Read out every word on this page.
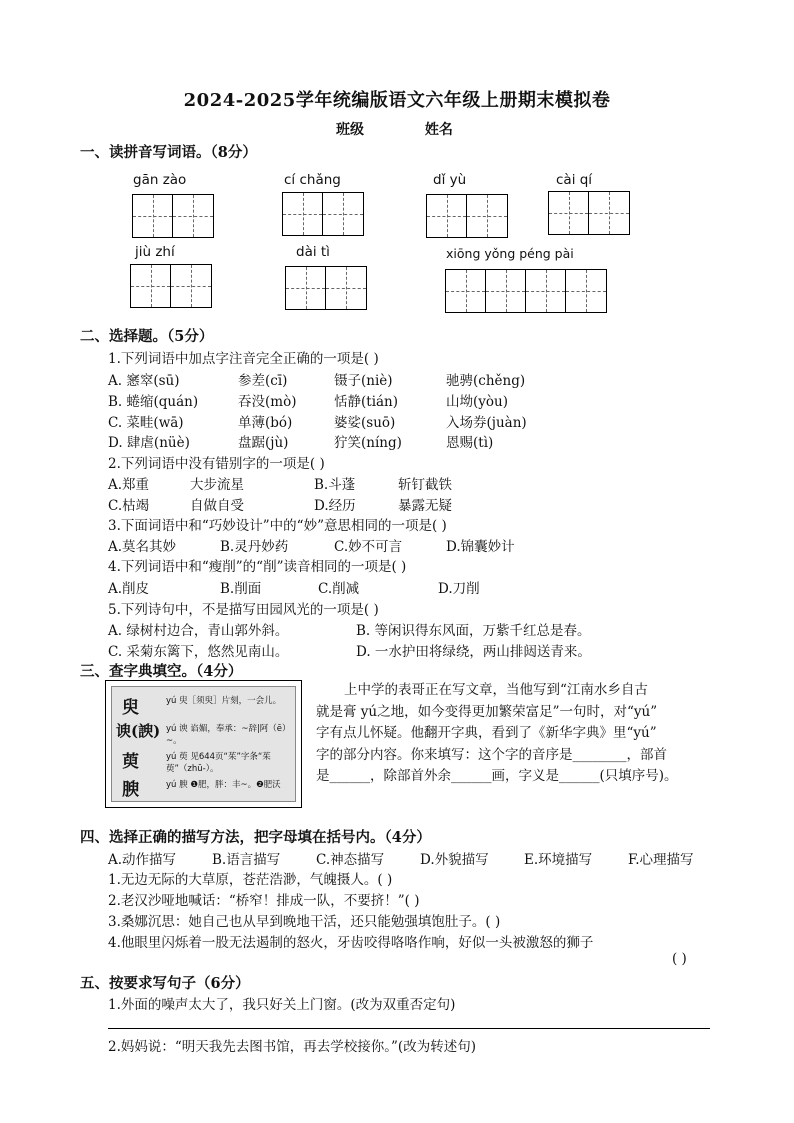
2024-2025学年统编版语文六年级上册期末模拟卷
班级	姓名
一、读拼音写词语。（8分）
gān zào	cí chǎng	dǐ yù	cài qí
jiù zhí	dài tì	xiōng yǒng péng pài
二、选择题。（5分）
1.下列词语中加点字注音完全正确的一项是( )
A. 窸窣(sū)	参差(cī)	镊子(niè)	驰骋(chěng)
B. 蜷缩(quán)	吞没(mò)	恬静(tián)	山坳(yòu)
C. 菜畦(wā)	单薄(bó)	婆娑(suō)	入场券(juàn)
D. 肆虐(nüè)	盘踞(jù)	狞笑(níng)	恩赐(tì)
2.下列词语中没有错别字的一项是( )
A.郑重	大步流星	B.斗蓬	斩钉截铁
C.枯竭	自做自受	D.经历	暴露无疑
3.下面词语中和“巧妙设计”中的“妙”意思相同的一项是( )
A.莫名其妙	B.灵丹妙药	C.妙不可言	D.锦囊妙计
4.下列词语中和“瘦削”的“削”读音相同的一项是( )
A.削皮	B.削面	C.削减	D.刀削
5.下列诗句中，不是描写田园风光的一项是( )
A. 绿树村边合，青山郭外斜。	B. 等闲识得东风面，万紫千红总是春。
C. 采菊东篱下，悠然见南山。	D. 一水护田将绿绕，两山排闼送青来。
三、查字典填空。（4分）
臾
谀(諛)
萸
腴
yú 臾［须臾］片刻，一会儿。
yú 谀 谄媚，奉承：~辞|阿（ē）~。
yú 萸 见644页“茱”字条“茱萸”（zhū-）。
yú 腴 ❶肥，胖：丰~。❷肥沃

上中学的表哥正在写文章，当他写到“江南水乡自古

就是膏 yú之地，如今变得更加繁荣富足”一句时，对“yú”

字有点儿怀疑。他翻开字典，看到了《新华字典》里“yú”

字的部分内容。你来填写：这个字的音序是________，部首

是______，除部首外余______画，字义是______(只填序号)。

四、选择正确的描写方法，把字母填在括号内。（4分）
A.动作描写	B.语言描写	C.神态描写	D.外貌描写	E.环境描写	F.心理描写
1.无边无际的大草原，苍茫浩渺，气魄摄人。( )
2.老汉沙哑地喊话：“桥窄！排成一队，不要挤！”( )
3.桑娜沉思：她自己也从早到晚地干活，还只能勉强填饱肚子。( )
4.他眼里闪烁着一股无法遏制的怒火，牙齿咬得咯咯作响，好似一头被激怒的狮子
( )
五、按要求写句子（6分）
1.外面的噪声太大了，我只好关上门窗。(改为双重否定句)
2.妈妈说：“明天我先去图书馆，再去学校接你。”(改为转述句)
